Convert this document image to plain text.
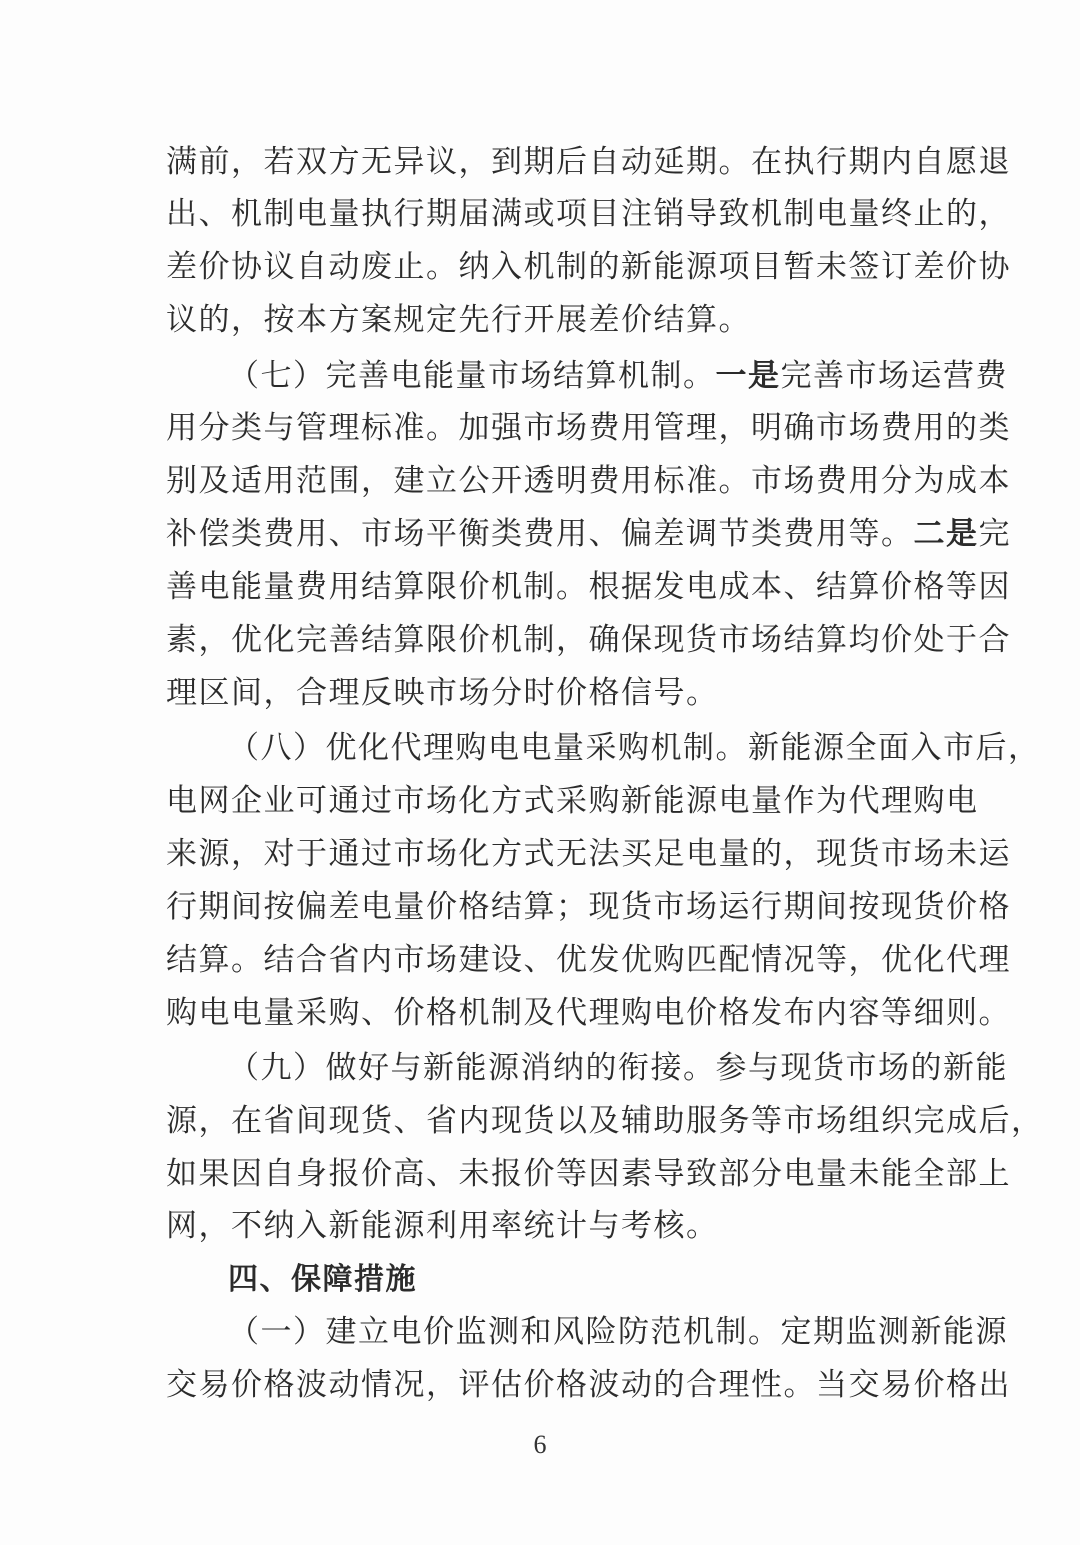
满前，若双方无异议，到期后自动延期。在执行期内自愿退
出、机制电量执行期届满或项目注销导致机制电量终止的，
差价协议自动废止。纳入机制的新能源项目暂未签订差价协
议的，按本方案规定先行开展差价结算。
（七）完善电能量市场结算机制。一是完善市场运营费
用分类与管理标准。加强市场费用管理，明确市场费用的类
别及适用范围，建立公开透明费用标准。市场费用分为成本
补偿类费用、市场平衡类费用、偏差调节类费用等。二是完
善电能量费用结算限价机制。根据发电成本、结算价格等因
素，优化完善结算限价机制，确保现货市场结算均价处于合
理区间，合理反映市场分时价格信号。
（八）优化代理购电电量采购机制。新能源全面入市后，
电网企业可通过市场化方式采购新能源电量作为代理购电
来源，对于通过市场化方式无法买足电量的，现货市场未运
行期间按偏差电量价格结算；现货市场运行期间按现货价格
结算。结合省内市场建设、优发优购匹配情况等，优化代理
购电电量采购、价格机制及代理购电价格发布内容等细则。
（九）做好与新能源消纳的衔接。参与现货市场的新能
源，在省间现货、省内现货以及辅助服务等市场组织完成后，
如果因自身报价高、未报价等因素导致部分电量未能全部上
网，不纳入新能源利用率统计与考核。
四、保障措施
（一）建立电价监测和风险防范机制。定期监测新能源
交易价格波动情况，评估价格波动的合理性。当交易价格出
6
